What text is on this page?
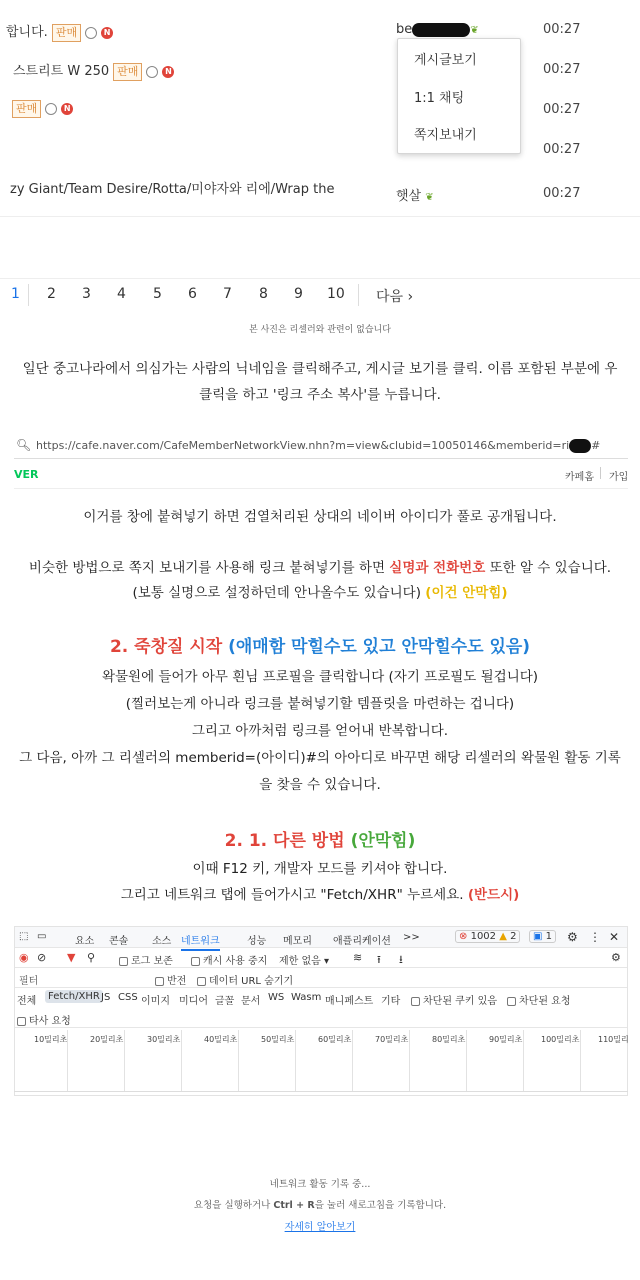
합니다. 판매	N	be	❦	00:27
스트리트 W 250 판매	N	00:27
판매	N	00:27
00:27
zy Giant/Team Desire/Rotta/미야자와 리에/Wrap the	햇살 ❦	00:27
게시글보기
1:1 채팅
쪽지보내기
1 2 3 4 5 6 7 8 9 10 다음 ›
본 사진은 리셀러와 관련이 없습니다
일단 중고나라에서 의심가는 사람의 닉네임을 클릭해주고, 게시글 보기를 클릭. 이름 포함된 부분에 우
클릭을 하고 '링크 주소 복사'를 누릅니다.
🔍︎ https://cafe.naver.com/CafeMemberNetworkView.nhn?m=view&clubid=10050146&memberid=ri #
VER	카페홈 가입
이거를 창에 붙혀넣기 하면 검열처리된 상대의 네이버 아이디가 풀로 공개됩니다.
비슷한 방법으로 쪽지 보내기를 사용해 링크 붙혀넣기를 하면 실명과 전화번호 또한 알 수 있습니다.
(보통 실명으로 설정하던데 안나올수도 있습니다) (이건 안막힘)
2. 죽창질 시작 (애매함 막힐수도 있고 안막힐수도 있음)
왁물원에 들어가 아무 흰님 프로필을 클릭합니다 (자기 프로필도 될겁니다)
(찔러보는게 아니라 링크를 붙혀넣기할 템플릿을 마련하는 겁니다)
그리고 아까처럼 링크를 얻어내 반복합니다.
그 다음, 아까 그 리셀러의 memberid=(아이디)#의 아아디로 바꾸면 해당 리셀러의 왁물원 활동 기록
을 찾을 수 있습니다.
2. 1. 다른 방법 (안막힘)
이때 F12 키, 개발자 모드를 키셔야 합니다.
그리고 네트워크 탭에 들어가시고 "Fetch/XHR" 누르세요. (반드시)
⬚ ▭	요소 콘솔 소스 네트워크	성능 메모리 애플리케이션 >>	⊗ 1002 ▲ 2	▣ 1	⚙ ⋮ ✕
◉ ⊘ ▼ ⚲	로그 보존	캐시 사용 중지 제한 없음 ▾ ≋ ⭱ ⭳	⚙
필터	반전	데이터 URL 숨기기
전체	Fetch/XHR JS CSS 이미지 미디어 글꼴 문서 WS Wasm 매니페스트 기타	차단된 쿠키 있음	차단된 요청
타사 요청
10밀리초	20밀리초	30밀리초	40밀리초	50밀리초	60밀리초	70밀리초	80밀리초	90밀리초 100밀리초 110밀리
네트워크 활동 기록 중...
요청을 실행하거나 Ctrl + R을 눌러 새로고침을 기록합니다.
자세히 알아보기
